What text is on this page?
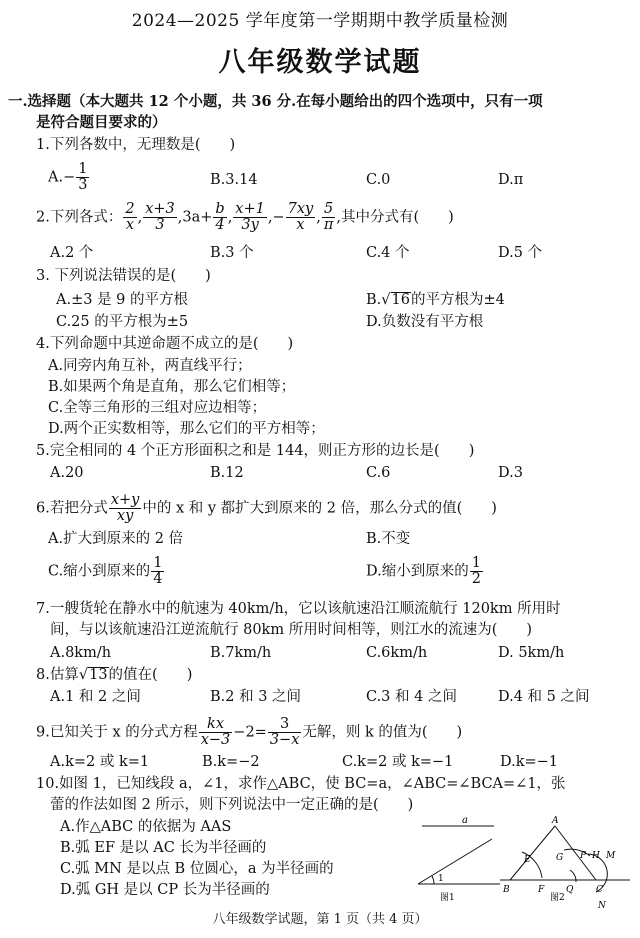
2024—2025 学年度第一学期期中教学质量检测
八年级数学试题
一.选择题（本大题共 12 个小题，共 36 分.在每小题给出的四个选项中，只有一项
是符合题目要求的）
1.下列各数中，无理数是(　　)
$A.- \frac{1}{3}$	B.3.14	C.0	D.π
2.下列各式： $\frac{2}{x}$ , $\frac{x+3}{3} ,3a+ \frac{b}{4}$ , $\frac{x+1}{3y}$ ,− $\frac{7xy}{x}$ , $\frac{5}{\pi}$ ,其中分式有(　　)
A.2 个	B.3 个	C.4 个	D.5 个
3. 下列说法错误的是(　　)
A.±3 是 9 的平方根	B.√16的平方根为±4
C.25 的平方根为±5	D.负数没有平方根
4.下列命题中其逆命题不成立的是(　　)
A.同旁内角互补，两直线平行；
B.如果两个角是直角，那么它们相等；
C.全等三角形的三组对应边相等；
D.两个正实数相等，那么它们的平方相等；
5.完全相同的 4 个正方形面积之和是 144，则正方形的边长是(　　)
A.20	B.12	C.6	D.3
6.若把分式 $\frac{x+y}{xy}$ 中的 x 和 y 都扩大到原来的 2 倍，那么分式的值(　　)
A.扩大到原来的 2 倍	B.不变
C.缩小到原来的 $\frac{1}{4}$	D.缩小到原来的 $\frac{1}{2}$
7.一艘货轮在静水中的航速为 40km/h，它以该航速沿江顺流航行 120km 所用时
间，与以该航速沿江逆流航行 80km 所用时间相等，则江水的流速为(　　)
A.8km/h	B.7km/h	C.6km/h	D. 5km/h
8.估算√13的值在(　　)
A.1 和 2 之间	B.2 和 3 之间	C.3 和 4 之间	D.4 和 5 之间
9.已知关于 x 的分式方程 $\frac{kx}{x-3} -2= \frac{3}{3-x}$ 无解，则 k 的值为(　　)
A.k=2 或 k=1	B.k=−2	C.k=2 或 k=−1	D.k=−1
10.如图 1，已知线段 a，∠1，求作△ABC，使 BC=a，∠ABC=∠BCA=∠1，张
蕾的作法如图 2 所示，则下列说法中一定正确的是(　　)
A.作△ABC 的依据为 AAS
B.弧 EF 是以 AC 长为半径画的
C.弧 MN 是以点 B 位圆心，a 为半径画的
D.弧 GH 是以 CP 长为半径画的
a
1
图1
A
B	C
E
F
G	H M
N
P
Q
图2
八年级数学试题，第 1 页（共 4 页）
